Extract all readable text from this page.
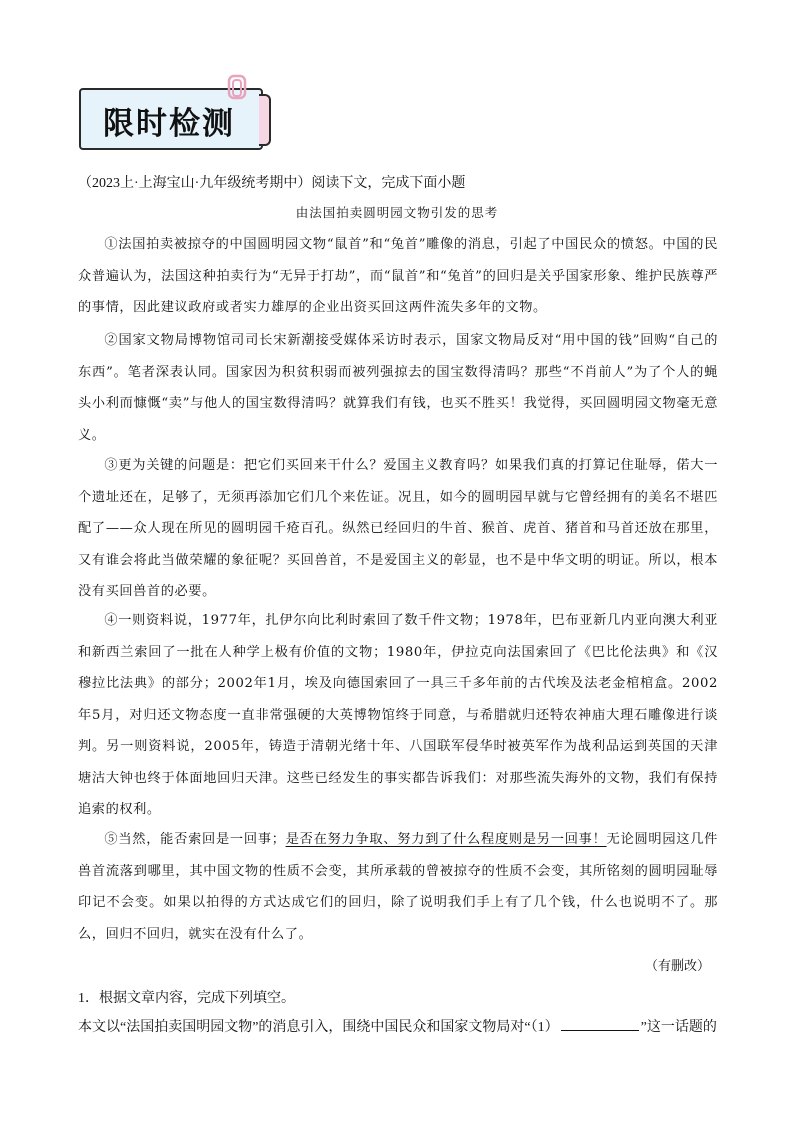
限时检测
（2023上·上海宝山·九年级统考期中）阅读下文，完成下面小题
由法国拍卖圆明园文物引发的思考
①法国拍卖被掠夺的中国圆明园文物“鼠首”和“兔首”雕像的消息，引起了中国民众的愤怒。中国的民众普遍认为，法国这种拍卖行为“无异于打劫”，而“鼠首”和“兔首”的回归是关乎国家形象、维护民族尊严的事情，因此建议政府或者实力雄厚的企业出资买回这两件流失多年的文物。
②国家文物局博物馆司司长宋新潮接受媒体采访时表示，国家文物局反对“用中国的钱”回购“自己的东西”。笔者深表认同。国家因为积贫积弱而被列强掠去的国宝数得清吗？那些“不肖前人”为了个人的蝇头小利而慷慨“卖”与他人的国宝数得清吗？就算我们有钱，也买不胜买！我觉得，买回圆明园文物毫无意义。
③更为关键的问题是：把它们买回来干什么？爱国主义教育吗？如果我们真的打算记住耻辱，偌大一个遗址还在，足够了，无须再添加它们几个来佐证。况且，如今的圆明园早就与它曾经拥有的美名不堪匹配了——众人现在所见的圆明园千疮百孔。纵然已经回归的牛首、猴首、虎首、猪首和马首还放在那里，又有谁会将此当做荣耀的象征呢？买回兽首，不是爱国主义的彰显，也不是中华文明的明证。所以，根本没有买回兽首的必要。
④一则资料说，1977年，扎伊尔向比利时索回了数千件文物；1978年，巴布亚新几内亚向澳大利亚和新西兰索回了一批在人种学上极有价值的文物；1980年，伊拉克向法国索回了《巴比伦法典》和《汉穆拉比法典》的部分；2002年1月，埃及向德国索回了一具三千多年前的古代埃及法老金棺棺盒。2002年5月，对归还文物态度一直非常强硬的大英博物馆终于同意，与希腊就归还特农神庙大理石雕像进行谈判。另一则资料说，2005年，铸造于清朝光绪十年、八国联军侵华时被英军作为战利品运到英国的天津塘沽大钟也终于体面地回归天津。这些已经发生的事实都告诉我们：对那些流失海外的文物，我们有保持追索的权利。
⑤当然，能否索回是一回事；是否在努力争取、努力到了什么程度则是另一回事！无论圆明园这几件兽首流落到哪里，其中国文物的性质不会变，其所承载的曾被掠夺的性质不会变，其所铭刻的圆明园耻辱印记不会变。如果以拍得的方式达成它们的回归，除了说明我们手上有了几个钱，什么也说明不了。那么，回归不回归，就实在没有什么了。
（有删改）
1．根据文章内容，完成下列填空。
本文以“法国拍卖国明园文物”的消息引入，围绕中国民众和国家文物局对“（1）	”这一话题的
